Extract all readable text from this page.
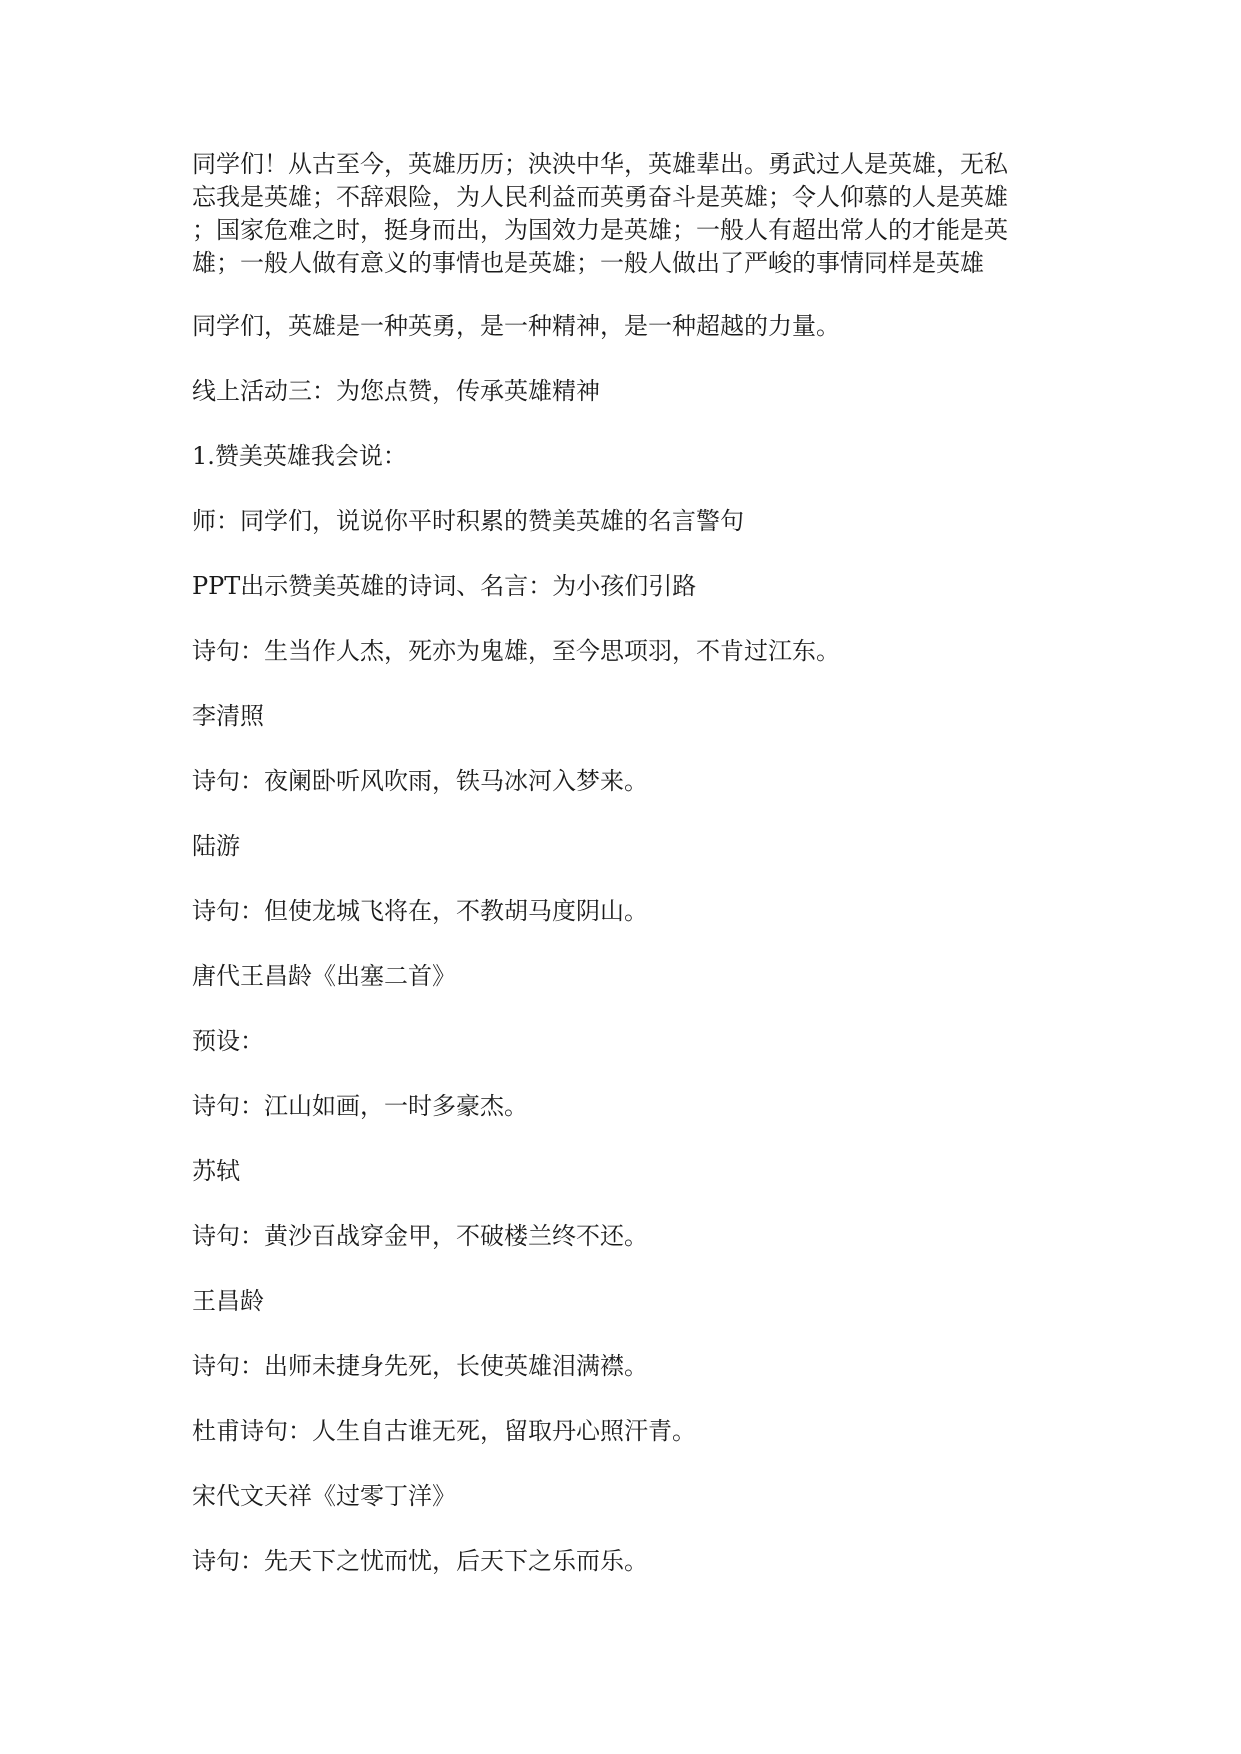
同学们！从古至今，英雄历历；泱泱中华，英雄辈出。勇武过人是英雄，无私
忘我是英雄；不辞艰险，为人民利益而英勇奋斗是英雄；令人仰慕的人是英雄
；国家危难之时，挺身而出，为国效力是英雄；一般人有超出常人的才能是英
雄；一般人做有意义的事情也是英雄；一般人做出了严峻的事情同样是英雄

同学们，英雄是一种英勇，是一种精神，是一种超越的力量。

线上活动三：为您点赞，传承英雄精神

1.赞美英雄我会说：

师：同学们，说说你平时积累的赞美英雄的名言警句

PPT出示赞美英雄的诗词、名言：为小孩们引路

诗句：生当作人杰，死亦为鬼雄，至今思项羽，不肯过江东。

李清照

诗句：夜阑卧听风吹雨，铁马冰河入梦来。

陆游

诗句：但使龙城飞将在，不教胡马度阴山。

唐代王昌龄《出塞二首》

预设：

诗句：江山如画，一时多豪杰。

苏轼

诗句：黄沙百战穿金甲，不破楼兰终不还。

王昌龄

诗句：出师未捷身先死，长使英雄泪满襟。

杜甫诗句：人生自古谁无死，留取丹心照汗青。

宋代文天祥《过零丁洋》

诗句：先天下之忧而忧，后天下之乐而乐。
